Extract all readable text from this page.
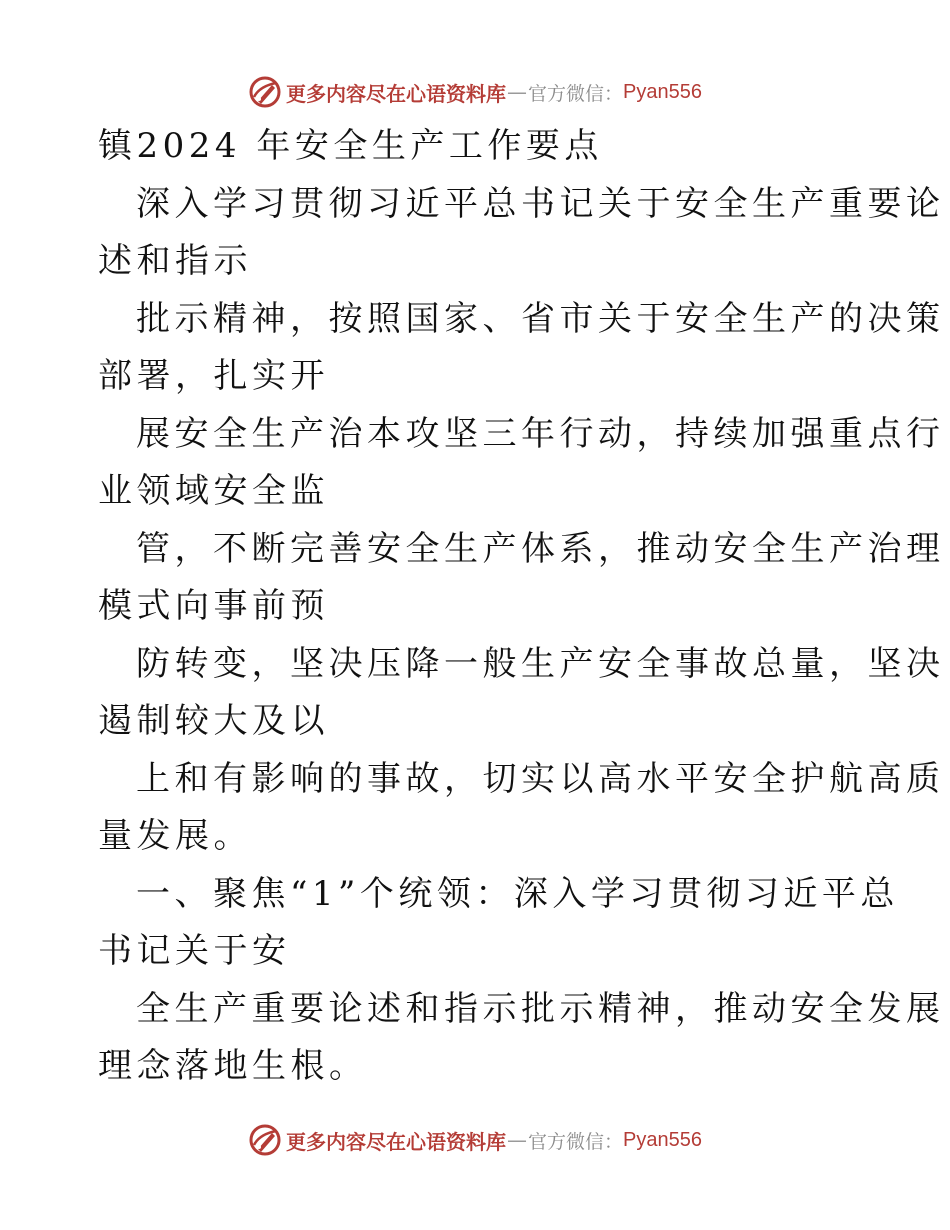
更多内容尽在心语资料库 — 官方微信： Pyan556
镇2024 年安全生产工作要点
深入学习贯彻习近平总书记关于安全生产重要论
述和指示
批示精神，按照国家、省市关于安全生产的决策
部署，扎实开
展安全生产治本攻坚三年行动，持续加强重点行
业领域安全监
管，不断完善安全生产体系，推动安全生产治理
模式向事前预
防转变，坚决压降一般生产安全事故总量，坚决
遏制较大及以
上和有影响的事故，切实以高水平安全护航高质
量发展。
一、聚焦“1”个统领：深入学习贯彻习近平总
书记关于安
全生产重要论述和指示批示精神，推动安全发展
理念落地生根。
更多内容尽在心语资料库 — 官方微信： Pyan556
